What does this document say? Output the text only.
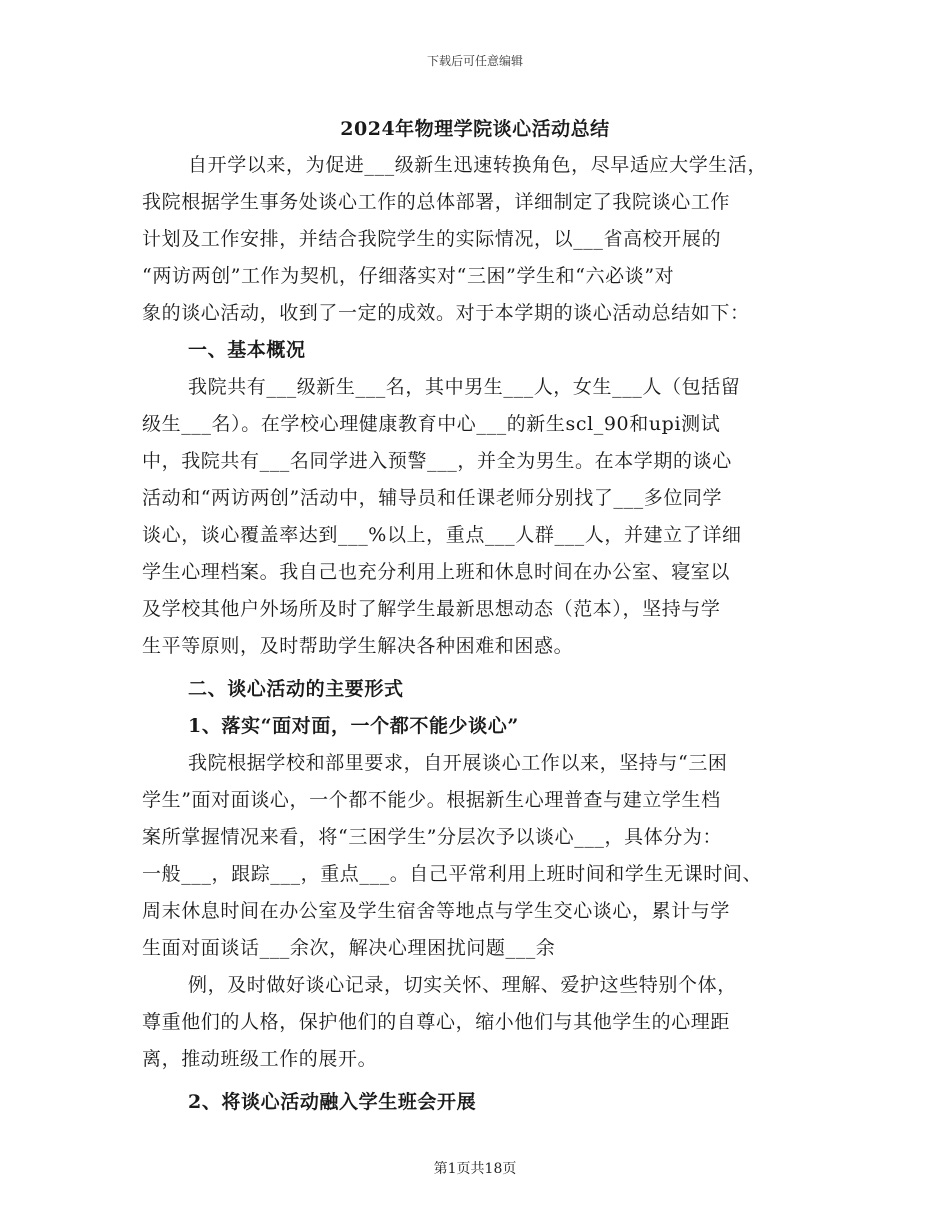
下载后可任意编辑
2024年物理学院谈心活动总结
自开学以来，为促进___级新生迅速转换角色，尽早适应大学生活，
我院根据学生事务处谈心工作的总体部署，详细制定了我院谈心工作
计划及工作安排，并结合我院学生的实际情况，以___省高校开展的
“两访两创”工作为契机，仔细落实对“三困”学生和“六必谈”对
象的谈心活动，收到了一定的成效。对于本学期的谈心活动总结如下：
一、基本概况
我院共有___级新生___名，其中男生___人，女生___人（包括留
级生___名）。在学校心理健康教育中心___的新生scl_90和upi测试
中，我院共有___名同学进入预警___，并全为男生。在本学期的谈心
活动和“两访两创”活动中，辅导员和任课老师分别找了___多位同学
谈心，谈心覆盖率达到___%以上，重点___人群___人，并建立了详细
学生心理档案。我自己也充分利用上班和休息时间在办公室、寝室以
及学校其他户外场所及时了解学生最新思想动态（范本），坚持与学
生平等原则，及时帮助学生解决各种困难和困惑。
二、谈心活动的主要形式
1、落实“面对面，一个都不能少谈心”
我院根据学校和部里要求，自开展谈心工作以来，坚持与“三困
学生”面对面谈心，一个都不能少。根据新生心理普查与建立学生档
案所掌握情况来看，将“三困学生”分层次予以谈心___，具体分为：
一般___，跟踪___，重点___。自己平常利用上班时间和学生无课时间、
周末休息时间在办公室及学生宿舍等地点与学生交心谈心，累计与学
生面对面谈话___余次，解决心理困扰问题___余
例，及时做好谈心记录，切实关怀、理解、爱护这些特别个体，
尊重他们的人格，保护他们的自尊心，缩小他们与其他学生的心理距
离，推动班级工作的展开。
2、将谈心活动融入学生班会开展
第1页共18页
